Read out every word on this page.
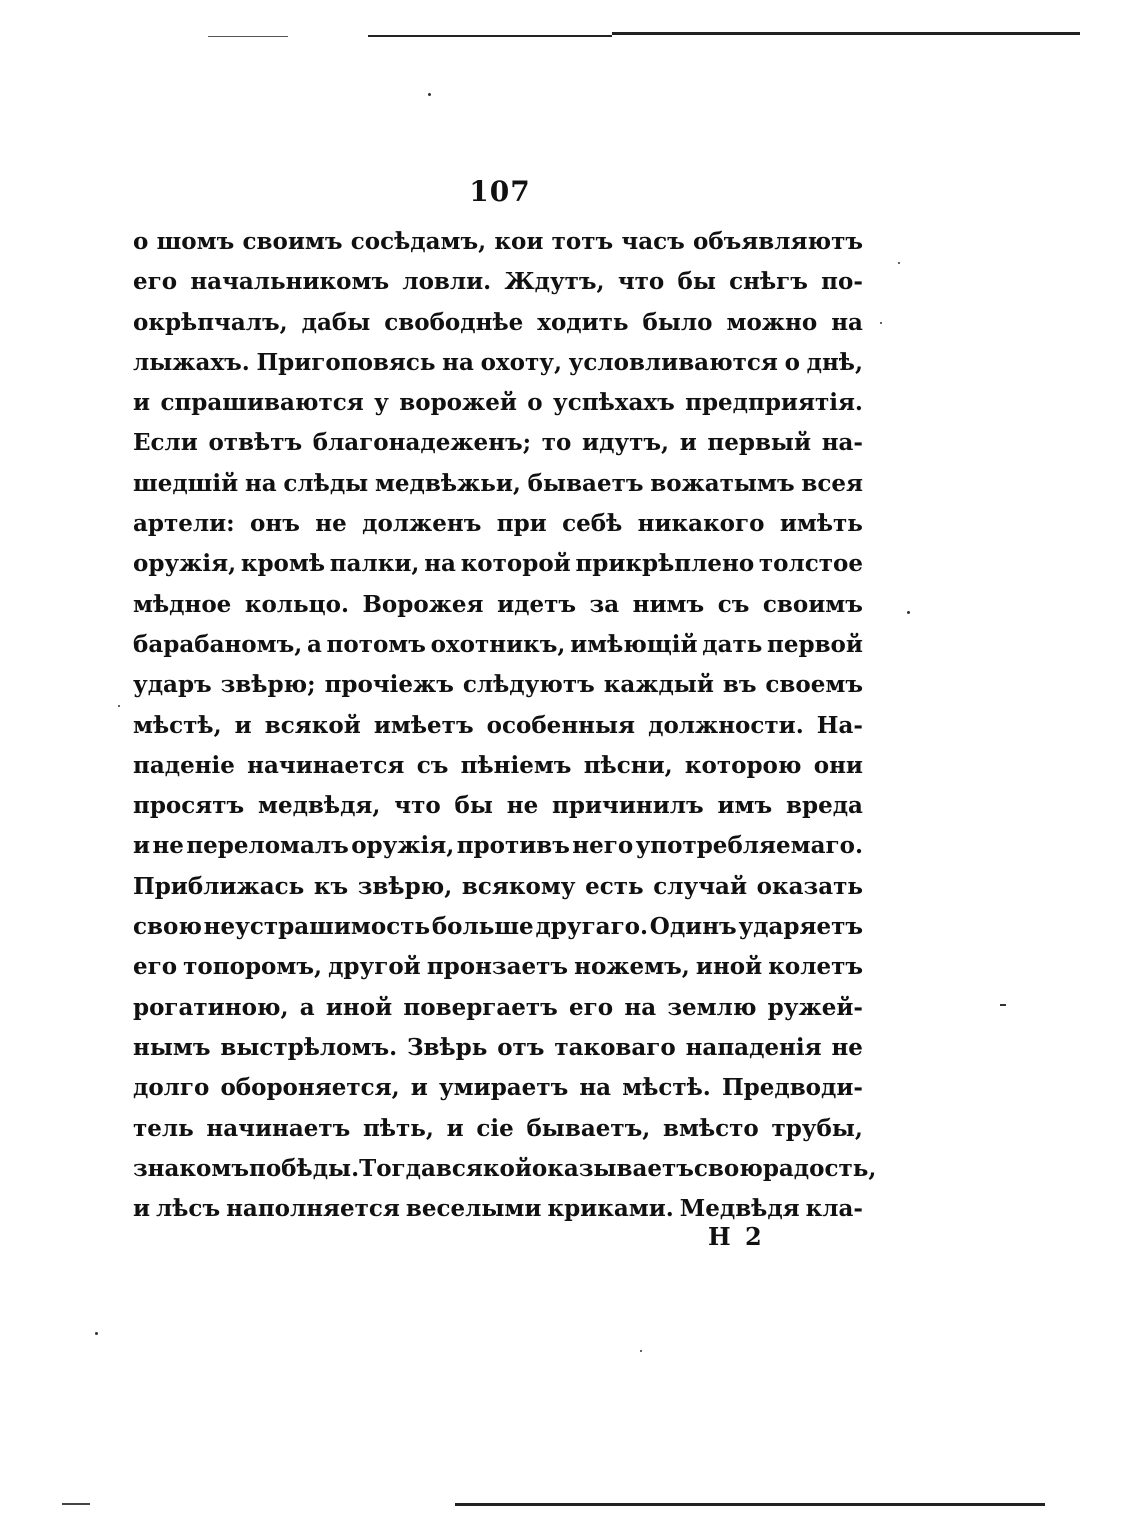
107
о шомъ своимъ сосѣдамъ, кои тотъ часъ объявляютъ
его начальникомъ ловли. Ждутъ, что бы снѣгъ по-
окрѣпчалъ, дабы свободнѣе ходить было можно на
лыжахъ. Пригоповясь на охоту, условливаются о днѣ,
и спрашиваются у ворожей о успѣхахъ предприятія.
Если отвѣтъ благонадеженъ; то идутъ, и первый на-
шедшій на слѣды медвѣжьи, бываетъ вожатымъ всея
артели: онъ не долженъ при себѣ никакого имѣть
оружія, кромѣ палки, на которой прикрѣплено толстое
мѣдное кольцо. Ворожея идетъ за нимъ съ своимъ
барабаномъ, а потомъ охотникъ, имѣющій дать первой
ударъ звѣрю; прочіежъ слѣдуютъ каждый въ своемъ
мѣстѣ, и всякой имѣетъ особенныя должности. На-
паденіе начинается съ пѣніемъ пѣсни, которою они
просятъ медвѣдя, что бы не причинилъ имъ вреда
и не переломалъ оружія, противъ него употребляемаго.
Приближась къ звѣрю, всякому есть случай оказать
свою неустрашимость больше другаго. Одинъ ударяетъ
его топоромъ, другой пронзаетъ ножемъ, иной колетъ
рогатиною, а иной повергаетъ его на землю ружей-
нымъ выстрѣломъ. Звѣрь отъ таковаго нападенія не
долго обороняется, и умираетъ на мѣстѣ. Предводи-
тель начинаетъ пѣть, и сіе бываетъ, вмѣсто трубы,
знакомъ побѣды. Тогда всякой оказываетъ свою радость,
и лѣсъ наполняется веселыми криками. Медвѣдя кла-
Н 2
